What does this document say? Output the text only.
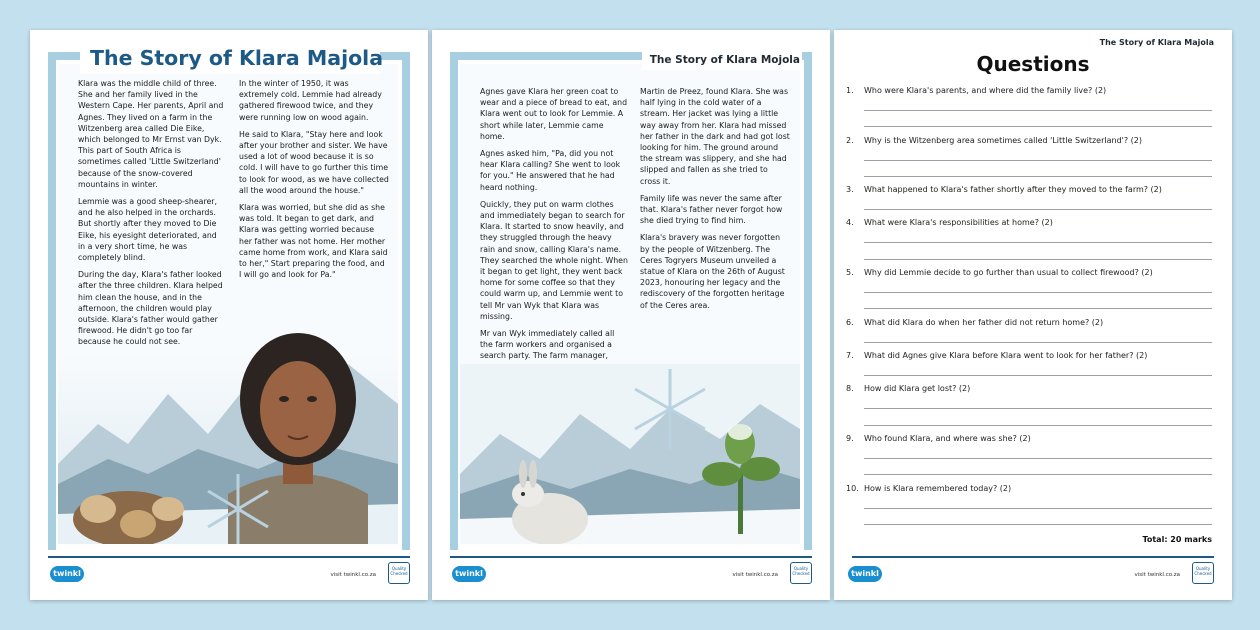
Klara was the middle child of three. She and her family lived in the Western Cape. Her parents, April and Agnes. They lived on a farm in the Witzenberg area called Die Eike, which belonged to Mr Ernst van Dyk. This part of South Africa is sometimes called 'Little Switzerland' because of the snow-covered mountains in winter.

Lemmie was a good sheep-shearer, and he also helped in the orchards. But shortly after they moved to Die Eike, his eyesight deteriorated, and in a very short time, he was completely blind.

During the day, Klara's father looked after the three children. Klara helped him clean the house, and in the afternoon, the children would play outside. Klara's father would gather firewood. He didn't go too far because he could not see.

In the winter of 1950, it was extremely cold. Lemmie had already gathered firewood twice, and they were running low on wood again.

He said to Klara, "Stay here and look after your brother and sister. We have used a lot of wood because it is so cold. I will have to go further this time to look for wood, as we have collected all the wood around the house."

Klara was worried, but she did as she was told. It began to get dark, and Klara was getting worried because her father was not home. Her mother came home from work, and Klara said to her," Start preparing the food, and I will go and look for Pa."

The Story of Klara Majola
twinkl	visit twinkl.co.za
Quality Checked

Agnes gave Klara her green coat to wear and a piece of bread to eat, and Klara went out to look for Lemmie. A short while later, Lemmie came home.

Agnes asked him, "Pa, did you not hear Klara calling? She went to look for you." He answered that he had heard nothing.

Quickly, they put on warm clothes and immediately began to search for Klara. It started to snow heavily, and they struggled through the heavy rain and snow, calling Klara's name. They searched the whole night. When it began to get light, they went back home for some coffee so that they could warm up, and Lemmie went to tell Mr van Wyk that Klara was missing.

Mr van Wyk immediately called all the farm workers and organised a search party. The farm manager,

Martin de Preez, found Klara. She was half lying in the cold water of a stream. Her jacket was lying a little way away from her. Klara had missed her father in the dark and had got lost looking for him. The ground around the stream was slippery, and she had slipped and fallen as she tried to cross it.

Family life was never the same after that. Klara's father never forgot how she died trying to find him.

Klara's bravery was never forgotten by the people of Witzenberg. The Ceres Togryers Museum unveiled a statue of Klara on the 26th of August 2023, honouring her legacy and the rediscovery of the forgotten heritage of the Ceres area.

The Story of Klara Mojola
twinkl	visit twinkl.co.za
Quality Checked
The Story of Klara Majola
Questions
1. Who were Klara's parents, and where did the family live? (2)
2. Why is the Witzenberg area sometimes called 'Little Switzerland'? (2)
3. What happened to Klara's father shortly after they moved to the farm? (2)
4. What were Klara's responsibilities at home? (2)
5. Why did Lemmie decide to go further than usual to collect firewood? (2)
6. What did Klara do when her father did not return home? (2)
7. What did Agnes give Klara before Klara went to look for her father? (2)
8. How did Klara get lost? (2)
9. Who found Klara, and where was she? (2)
10. How is Klara remembered today? (2)
Total: 20 marks
twinkl	visit twinkl.co.za
Quality Checked
